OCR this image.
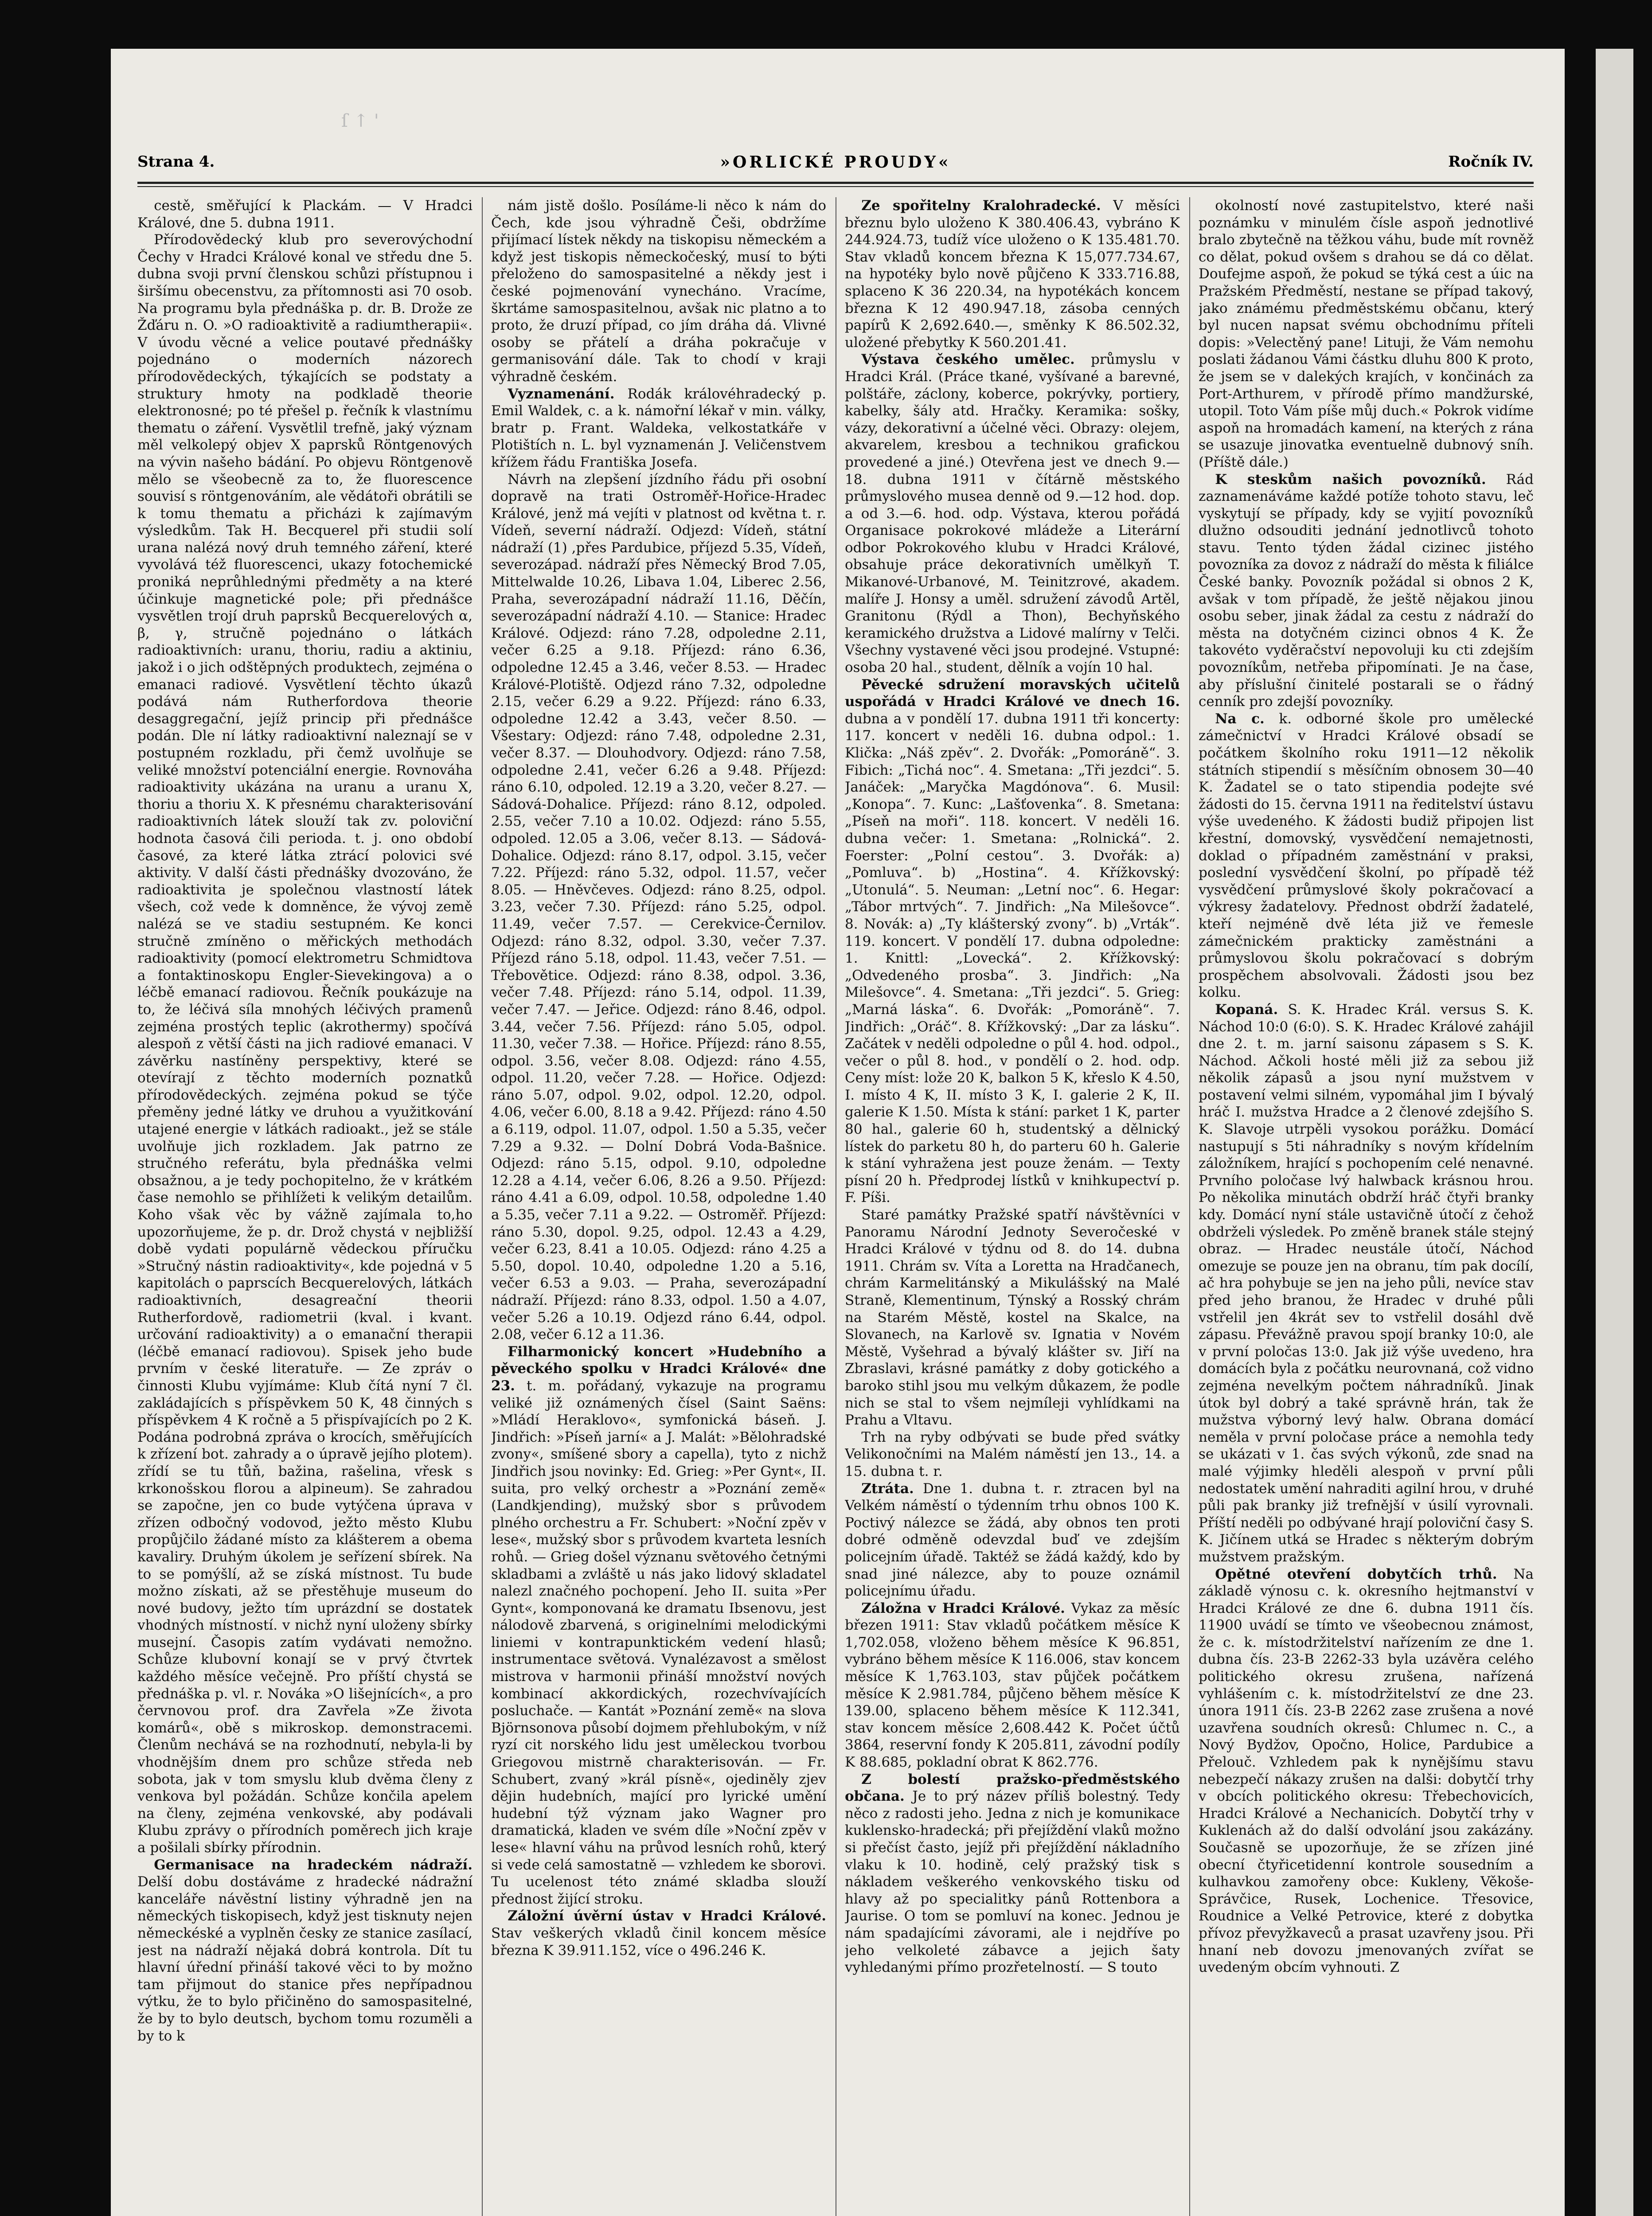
ſ ↑ '
Strana 4.	»ORLICKÉ PROUDY«	Ročník IV.

cestě, směřující k Plackám. — V Hradci Králové, dne 5. dubna 1911.

Přírodovědecký klub pro severovýchodní Čechy v Hradci Králové konal ve středu dne 5. dubna svoji první členskou schůzi přístupnou i širšímu obecenstvu, za přítomnosti asi 70 osob. Na programu byla přednáška p. dr. B. Drože ze Žďáru n. O. »O radioaktivitě a radiumtherapii«. V úvodu věcné a velice poutavé přednášky pojednáno o moderních názorech přírodovědeckých, týkajících se podstaty a struktury hmoty na podkladě theorie elektronosné; po té přešel p. řečník k vlastnímu thematu o záření. Vysvětlil trefně, jaký význam měl velkolepý objev X paprsků Röntgenových na vývin našeho bádání. Po objevu Röntgenově mělo se všeobecně za to, že fluorescence souvisí s röntgenováním, ale vědátoři obrátili se k tomu thematu a přicházi k zajímavým výsledkům. Tak H. Becquerel při studii solí urana nalézá nový druh temného záření, které vyvolává též fluorescenci, ukazy fotochemické proniká neprůhlednými předměty a na které účinkuje magnetické pole; při přednášce vysvětlen trojí druh paprsků Becquerelových α, β, γ, stručně pojednáno o látkách radioaktivních: uranu, thoriu, radiu a aktiniu, jakož i o jich odštěpných produktech, zejména o emanaci radiové. Vysvětlení těchto úkazů podává nám Rutherfordova theorie desaggregační, jejíž princip při přednášce podán. Dle ní látky radioaktivní naleznají se v postupném rozkladu, při čemž uvolňuje se veliké množství potenciální energie. Rovnováha radioaktivity ukázána na uranu a uranu X, thoriu a thoriu X. K přesnému charakterisování radioaktivních látek slouží tak zv. poloviční hodnota časová čili perioda. t. j. ono období časové, za které látka ztrácí polovici své aktivity. V další části přednášky dvozováno, že radioaktivita je společnou vlastností látek všech, což vede k domněnce, že vývoj země nalézá se ve stadiu sestupném. Ke konci stručně zmíněno o měřických methodách radioaktivity (pomocí elektrometru Schmidtova a fontaktinoskopu Engler-Sievekingova) a o léčbě emanací radiovou. Řečník poukázuje na to, že léčivá síla mnohých léčivých pramenů zejména prostých teplic (akrothermy) spočívá alespoň z větší části na jich radiové emanaci. V závěrku nastíněny perspektivy, které se otevírají z těchto moderních poznatků přírodovědeckých. zejména pokud se týče přeměny jedné látky ve druhou a využitkování utajené energie v látkách radioakt., jež se stále uvolňuje jich rozkladem. Jak patrno ze stručného referátu, byla přednáška velmi obsažnou, a je tedy pochopitelno, že v krátkém čase nemohlo se přihlížeti k velikým detailům. Koho však věc by vážně zajímala to,ho upozorňujeme, že p. dr. Drož chystá v nejbližší době vydati populárně vědeckou příručku »Stručný nástin radioaktivity«, kde pojedná v 5 kapitolách o paprscích Becquerelových, látkách radioaktivních, desagreační theorii Rutherfordově, radiometrii (kval. i kvant. určování radioaktivity) a o emanační therapii (léčbě emanací radiovou). Spisek jeho bude prvním v české literatuře. — Ze zpráv o činnosti Klubu vyjímáme: Klub čítá nyní 7 čl. zakládajících s příspěvkem 50 K, 48 činných s příspěvkem 4 K ročně a 5 přispívajících po 2 K. Podána podrobná zpráva o krocích, směřujících k zřízení bot. zahrady a o úpravě jejího plotem). zřídí se tu tůň, bažina, rašelina, vřesk s krkonošskou florou a alpineum). Se zahradou se započne, jen co bude vytýčena úprava v zřízen odbočný vodovod, ježto město Klubu propůjčilo žádané místo za klášterem a obema kavaliry. Druhým úkolem je seřízení sbírek. Na to se pomýšlí, až se získá místnost. Tu bude možno získati, až se přestěhuje museum do nové budovy, ježto tím uprázdní se dostatek vhodných místností. v nichž nyní uloženy sbírky musejní. Časopis zatím vydávati nemožno. Schůze klubovní konají se v prvý čtvrtek každého měsíce večejně. Pro příští chystá se přednáška p. vl. r. Nováka »O lišejnících«, a pro červnovou prof. dra Zavřela »Ze života komárů«, obě s mikroskop. demonstracemi. Členům nechává se na rozhodnutí, nebyla-li by vhodnějším dnem pro schůze středa neb sobota, jak v tom smyslu klub dvěma členy z venkova byl požádán. Schůze končila apelem na členy, zejména venkovské, aby podávali Klubu zprávy o přírodních poměrech jich kraje a pošilali sbírky přírodnin.

Germanisace na hradeckém nádraží. Delší dobu dostáváme z hradecké nádražní kanceláře návěstní listiny výhradně jen na německých tiskopisech, když jest tisknuty nejen německéské a vyplněn česky ze stanice zasílací, jest na nádraží nějaká dobrá kontrola. Dít tu hlavní úřední přináší takové věci to by možno tam přijmout do stanice přes nepřípadnou výtku, že to bylo přičiněno do samospasitelné, že by to bylo deutsch, bychom tomu rozuměli a by to k

nám jistě došlo. Posíláme-li něco k nám do Čech, kde jsou výhradně Češi, obdržíme přijímací lístek někdy na tiskopisu německém a když jest tiskopis německočeský, musí to býti přeloženo do samospasitelné a někdy jest i české pojmenování vynecháno. Vracíme, škrtáme samospasitelnou, avšak nic platno a to proto, že druzí případ, co jím dráha dá. Vlivné osoby se přátelí a dráha pokračuje v germanisování dále. Tak to chodí v kraji výhradně českém.

Vyznamenání. Rodák královéhradecký p. Emil Waldek, c. a k. námořní lékař v min. války, bratr p. Frant. Waldeka, velkostatkáře v Plotištích n. L. byl vyznamenán J. Veličenstvem křížem řádu Františka Josefa.

Návrh na zlepšení jízdního řádu při osobní dopravě na trati Ostroměř-Hořice-Hradec Králové, jenž má vejíti v platnost od května t. r. Vídeň, severní nádraží. Odjezd: Vídeň, státní nádraží (1) ,přes Pardubice, příjezd 5.35, Vídeň, severozápad. nádraží přes Německý Brod 7.05, Mittelwalde 10.26, Libava 1.04, Liberec 2.56, Praha, severozápadní nádraží 11.16, Děčín, severozápadní nádraží 4.10. — Stanice: Hradec Králové. Odjezd: ráno 7.28, odpoledne 2.11, večer 6.25 a 9.18. Příjezd: ráno 6.36, odpoledne 12.45 a 3.46, večer 8.53. — Hradec Králové-Plotiště. Odjezd ráno 7.32, odpoledne 2.15, večer 6.29 a 9.22. Příjezd: ráno 6.33, odpoledne 12.42 a 3.43, večer 8.50. — Všestary: Odjezd: ráno 7.48, odpoledne 2.31, večer 8.37. — Dlouhodvory. Odjezd: ráno 7.58, odpoledne 2.41, večer 6.26 a 9.48. Příjezd: ráno 6.10, odpoled. 12.19 a 3.20, večer 8.27. — Sádová-Dohalice. Příjezd: ráno 8.12, odpoled. 2.55, večer 7.10 a 10.02. Odjezd: ráno 5.55, odpoled. 12.05 a 3.06, večer 8.13. — Sádová-Dohalice. Odjezd: ráno 8.17, odpol. 3.15, večer 7.22. Příjezd: ráno 5.32, odpol. 11.57, večer 8.05. — Hněvčeves. Odjezd: ráno 8.25, odpol. 3.23, večer 7.30. Příjezd: ráno 5.25, odpol. 11.49, večer 7.57. — Cerekvice-Černilov. Odjezd: ráno 8.32, odpol. 3.30, večer 7.37. Příjezd ráno 5.18, odpol. 11.43, večer 7.51. — Třebovětice. Odjezd: ráno 8.38, odpol. 3.36, večer 7.48. Příjezd: ráno 5.14, odpol. 11.39, večer 7.47. — Jeřice. Odjezd: ráno 8.46, odpol. 3.44, večer 7.56. Příjezd: ráno 5.05, odpol. 11.30, večer 7.38. — Hořice. Příjezd: ráno 8.55, odpol. 3.56, večer 8.08. Odjezd: ráno 4.55, odpol. 11.20, večer 7.28. — Hořice. Odjezd: ráno 5.07, odpol. 9.02, odpol. 12.20, odpol. 4.06, večer 6.00, 8.18 a 9.42. Příjezd: ráno 4.50 a 6.119, odpol. 11.07, odpol. 1.50 a 5.35, večer 7.29 a 9.32. — Dolní Dobrá Voda-Bašnice. Odjezd: ráno 5.15, odpol. 9.10, odpoledne 12.28 a 4.14, večer 6.06, 8.26 a 9.50. Příjezd: ráno 4.41 a 6.09, odpol. 10.58, odpoledne 1.40 a 5.35, večer 7.11 a 9.22. — Ostroměř. Příjezd: ráno 5.30, dopol. 9.25, odpol. 12.43 a 4.29, večer 6.23, 8.41 a 10.05. Odjezd: ráno 4.25 a 5.50, dopol. 10.40, odpoledne 1.20 a 5.16, večer 6.53 a 9.03. — Praha, severozápadní nádraží. Příjezd: ráno 8.33, odpol. 1.50 a 4.07, večer 5.26 a 10.19. Odjezd ráno 6.44, odpol. 2.08, večer 6.12 a 11.36.

Filharmonický koncert »Hudebního a pěveckého spolku v Hradci Králové« dne 23. t. m. pořádaný, vykazuje na programu veliké již oznámených čísel (Saint Saëns: »Mládí Heraklovo«, symfonická báseň. J. Jindřich: »Píseň jarní« a J. Malát: »Bělohradské zvony«, smíšené sbory a capella), tyto z nichž Jindřich jsou novinky: Ed. Grieg: »Per Gynt«, II. suita, pro velký orchestr a »Poznání země« (Landkjending), mužský sbor s průvodem plného orchestru a Fr. Schubert: »Noční zpěv v lese«, mužský sbor s průvodem kvarteta lesních rohů. — Grieg došel význanu světového četnými skladbami a zvláště u nás jako lidový skladatel nalezl značného pochopení. Jeho II. suita »Per Gynt«, komponovaná ke dramatu Ibsenovu, jest nálodově zbarvená, s originelními melodickými liniemi v kontrapunktickém vedení hlasů; instrumentace světová. Vynalézavost a smělost mistrova v harmonii přináší množství nových kombinací akkordických, rozechvívajících posluchače. — Kantát »Poznání země« na slova Björnsonova působí dojmem přehlubokým, v níž ryzí cit norského lidu jest uměleckou tvorbou Griegovou mistrně charakterisován. — Fr. Schubert, zvaný »král písně«, ojediněly zjev dějin hudebních, mající pro lyrické umění hudební týž význam jako Wagner pro dramatická, kladen ve svém díle »Noční zpěv v lese« hlavní váhu na průvod lesních rohů, který si vede celá samostatně — vzhledem ke sborovi. Tu ucelenost této známé skladba slouží přednost žijící stroku.

Záložní úvěrní ústav v Hradci Králové. Stav veškerých vkladů činil koncem měsíce března K 39.911.152, více o 496.246 K.

Ze spořitelny Kralohradecké. V měsíci březnu bylo uloženo K 380.406.43, vybráno K 244.924.73, tudíž více uloženo o K 135.481.70. Stav vkladů koncem března K 15,077.734.67, na hypotéky bylo nově půjčeno K 333.716.88, splaceno K 36 220.34, na hypotékách koncem března K 12 490.947.18, zásoba cenných papírů K 2,692.640.—, směnky K 86.502.32, uložené přebytky K 560.201.41.

Výstava českého umělec. průmyslu v Hradci Král. (Práce tkané, vyšívané a barevné, polštáře, záclony, koberce, pokrývky, portiery, kabelky, šály atd. Hračky. Keramika: sošky, vázy, dekorativní a účelné věci. Obrazy: olejem, akvarelem, kresbou a technikou grafickou provedené a jiné.) Otevřena jest ve dnech 9.—18. dubna 1911 v čítárně městského průmyslového musea denně od 9.—12 hod. dop. a od 3.—6. hod. odp. Výstava, kterou pořádá Organisace pokrokové mládeže a Literární odbor Pokrokového klubu v Hradci Králové, obsahuje práce dekorativních umělkyň T. Mikanové-Urbanové, M. Teinitzrové, akadem. malíře J. Honsy a uměl. sdružení závodů Artěl, Granitonu (Rýdl a Thon), Bechyňského keramického družstva a Lidové malírny v Telči. Všechny vystavené věci jsou prodejné. Vstupné: osoba 20 hal., student, dělník a vojín 10 hal.

Pěvecké sdružení moravských učitelů uspořádá v Hradci Králové ve dnech 16. dubna a v pondělí 17. dubna 1911 tři koncerty: 117. koncert v neděli 16. dubna odpol.: 1. Klička: „Náš zpěv“. 2. Dvořák: „Pomoráně“. 3. Fibich: „Tichá noc“. 4. Smetana: „Tři jezdci“. 5. Janáček: „Maryčka Magdónova“. 6. Musil: „Konopa“. 7. Kunc: „Lašťovenka“. 8. Smetana: „Píseň na moři“. 118. koncert. V neděli 16. dubna večer: 1. Smetana: „Rolnická“. 2. Foerster: „Polní cestou“. 3. Dvořák: a) „Pomluva“. b) „Hostina“. 4. Křížkovský: „Utonulá“. 5. Neuman: „Letní noc“. 6. Hegar: „Tábor mrtvých“. 7. Jindřich: „Na Milešovce“. 8. Novák: a) „Ty klášterský zvony“. b) „Vrták“. 119. koncert. V pondělí 17. dubna odpoledne: 1. Knittl: „Lovecká“. 2. Křížkovský: „Odvedeného prosba“. 3. Jindřich: „Na Milešovce“. 4. Smetana: „Tři jezdci“. 5. Grieg: „Marná láska“. 6. Dvořák: „Pomoráně“. 7. Jindřich: „Oráč“. 8. Křížkovský: „Dar za lásku“. Začátek v neděli odpoledne o půl 4. hod. odpol., večer o půl 8. hod., v pondělí o 2. hod. odp. Ceny míst: lože 20 K, balkon 5 K, křeslo K 4.50, I. místo 4 K, II. místo 3 K, I. galerie 2 K, II. galerie K 1.50. Místa k stání: parket 1 K, parter 80 hal., galerie 60 h, studentský a dělnický lístek do parketu 80 h, do parteru 60 h. Galerie k stání vyhražena jest pouze ženám. — Texty písní 20 h. Předprodej lístků v knihkupectví p. F. Píši.

Staré památky Pražské spatří návštěvníci v Panoramu Národní Jednoty Severočeské v Hradci Králové v týdnu od 8. do 14. dubna 1911. Chrám sv. Víta a Loretta na Hradčanech, chrám Karmelitánský a Mikulášský na Malé Straně, Klementinum, Týnský a Rosský chrám na Starém Městě, kostel na Skalce, na Slovanech, na Karlově sv. Ignatia v Novém Městě, Vyšehrad a bývalý klášter sv. Jiří na Zbraslavi, krásné památky z doby gotického a baroko stihl jsou mu velkým důkazem, že podle nich se stal to všem nejmíleji vyhlídkami na Prahu a Vltavu.

Trh na ryby odbývati se bude před svátky Velikonočními na Malém náměstí jen 13., 14. a 15. dubna t. r.

Ztráta. Dne 1. dubna t. r. ztracen byl na Velkém náměstí o týdenním trhu obnos 100 K. Poctivý nálezce se žádá, aby obnos ten proti dobré odměně odevzdal buď ve zdejším policejním úřadě. Taktéž se žádá každý, kdo by snad jiné nálezce, aby to pouze oznámil policejnímu úřadu.

Záložna v Hradci Králové. Vykaz za měsíc březen 1911: Stav vkladů počátkem měsíce K 1,702.058, vloženo během měsíce K 96.851, vybráno během měsíce K 116.006, stav koncem měsíce K 1,763.103, stav půjček počátkem měsíce K 2.981.784, půjčeno během měsíce K 139.00, splaceno během měsíce K 112.341, stav koncem měsíce 2,608.442 K. Počet účtů 3864, reservní fondy K 205.811, závodní podíly K 88.685, pokladní obrat K 862.776.

Z bolestí pražsko-předměstského občana. Je to prý název příliš bolestný. Tedy něco z radosti jeho. Jedna z nich je komunikace kuklensko-hradecká; při přejíždění vlaků možno si přečíst často, jejíž při přejíždění nákladního vlaku k 10. hodině, celý pražský tisk s nákladem veškerého venkovského tisku od hlavy až po specialitky pánů Rottenbora a Jaurise. O tom se pomluví na konec. Jednou je nám spadajícími závorami, ale i nejdříve po jeho velkoleté zábavce a jejich šaty vyhledanými přímo prozřetelností. — S touto

okolností nové zastupitelstvo, které naši poznámku v minulém čísle aspoň jednotlivé bralo zbytečně na těžkou váhu, bude mít rovněž co dělat, pokud ovšem s drahou se dá co dělat. Doufejme aspoň, že pokud se týká cest a úic na Pražském Předměstí, nestane se případ takový, jako známému předměstskému občanu, který byl nucen napsat svému obchodnímu příteli dopis: »Velectěný pane! Lituji, že Vám nemohu poslati žádanou Vámi částku dluhu 800 K proto, že jsem se v dalekých krajích, v končinách za Port-Arthurem, v přírodě přímo mandžurské, utopil. Toto Vám píše můj duch.« Pokrok vidíme aspoň na hromadách kamení, na kterých z rána se usazuje jinovatka eventuelně dubnový sníh. (Příště dále.)

K steskům našich povozníků. Rád zaznamenáváme každé potíže tohoto stavu, leč vyskytují se případy, kdy se vyjití povozníků dlužno odsouditi jednání jednotlivců tohoto stavu. Tento týden žádal cizinec jistého povozníka za dovoz z nádraží do města k filiálce České banky. Povozník požádal si obnos 2 K, avšak v tom případě, že ještě nějakou jinou osobu seber, jinak žádal za cestu z nádraží do města na dotyčném cizinci obnos 4 K. Že takovéto vyděračství nepovoluji ku cti zdejším povozníkům, netřeba připomínati. Je na čase, aby příslušní činitelé postarali se o řádný cenník pro zdejší povozníky.

Na c. k. odborné škole pro umělecké zámečnictví v Hradci Králové obsadí se počátkem školního roku 1911—12 několik státních stipendií s měsíčním obnosem 30—40 K. Žadatel se o tato stipendia podejte své žádosti do 15. června 1911 na ředitelství ústavu výše uvedeného. K žádosti budiž připojen list křestní, domovský, vysvědčení nemajetnosti, doklad o případném zaměstnání v praksi, poslední vysvědčení školní, po případě též vysvědčení průmyslové školy pokračovací a výkresy žadatelovy. Přednost obdrží žadatelé, kteří nejméně dvě léta již ve řemesle zámečnickém prakticky zaměstnáni a průmyslovou školu pokračovací s dobrým prospěchem absolvovali. Žádosti jsou bez kolku.

Kopaná. S. K. Hradec Král. versus S. K. Náchod 10:0 (6:0). S. K. Hradec Králové zahájil dne 2. t. m. jarní saisonu zápasem s S. K. Náchod. Ačkoli hosté měli již za sebou již několik zápasů a jsou nyní mužstvem v postavení velmi silném, vypomáhal jim I bývalý hráč I. mužstva Hradce a 2 členové zdejšího S. K. Slavoje utrpěli vysokou porážku. Domácí nastupují s 5ti náhradníky s novým křídelním záložníkem, hrající s pochopením celé nenavné. Prvního poločase lvý halwback krásnou hrou. Po několika minutách obdrží hráč čtyři branky kdy. Domácí nyní stále ustavičně útočí z čehož obdrželi výsledek. Po změně branek stále stejný obraz. — Hradec neustále útočí, Náchod omezuje se pouze jen na obranu, tím pak docílí, ač hra pohybuje se jen na jeho půli, nevíce stav před jeho branou, že Hradec v druhé půli vstřelil jen 4krát sev to vstřelil dosáhl dvě zápasu. Převážně pravou spojí branky 10:0, ale v první poločas 13:0. Jak již výše uvedeno, hra domácích byla z počátku neurovnaná, což vidno zejména nevelkým počtem náhradníků. Jinak útok byl dobrý a také správně hrán, tak že mužstva výborný levý halw. Obrana domácí neměla v první poločase práce a nemohla tedy se ukázati v 1. čas svých výkonů, zde snad na malé výjimky hleděli alespoň v první půli nedostatek umění nahraditi agilní hrou, v druhé půli pak branky již trefnější v úsilí vyrovnali. Příští neděli po odbývané hrají poloviční časy S. K. Jičínem utká se Hradec s některým dobrým mužstvem pražským.

Opětné otevření dobytčích trhů. Na základě výnosu c. k. okresního hejtmanství v Hradci Králové ze dne 6. dubna 1911 čís. 11900 uvádí se tímto ve všeobecnou známost, že c. k. místodržitelství nařízením ze dne 1. dubna čís. 23-B 2262-33 byla uzávěra celého politického okresu zrušena, nařízená vyhlášením c. k. místodržitelství ze dne 23. února 1911 čís. 23-B 2262 zase zrušena a nové uzavřena soudních okresů: Chlumec n. C., a Nový Bydžov, Opočno, Holice, Pardubice a Přelouč. Vzhledem pak k nynějšímu stavu nebezpečí nákazy zrušen na dalši: dobytčí trhy v obcích politického okresu: Třebechovicích, Hradci Králové a Nechanicích. Dobytčí trhy v Kuklenách až do další odvolání jsou zakázány. Současně se upozorňuje, že se zřízen jiné obecní čtyřicetidenní kontrole sousedním a kulhavkou zamořeny obce: Kukleny, Věkoše-Správčice, Rusek, Lochenice. Třesovice, Roudnice a Velké Petrovice, které z dobytka přívoz převyžkaveců a prasat uzavřeny jsou. Při hnaní neb dovozu jmenovaných zvířat se uvedeným obcím vyhnouti. Z
